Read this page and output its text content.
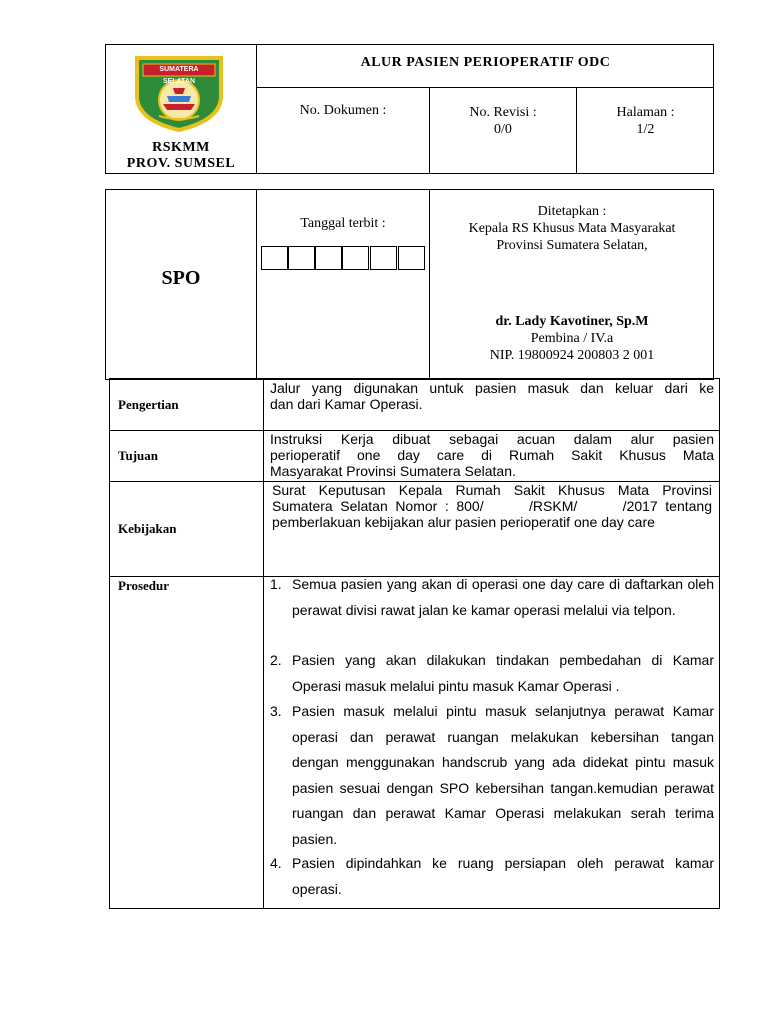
SUMATERA SELATAN
RSKMM
PROV. SUMSEL
ALUR PASIEN PERIOPERATIF ODC
No. Dokumen :	No. Revisi :
0/0
Halaman :
1/2
SPO
Tanggal terbit :
Ditetapkan :
Kepala RS Khusus Mata Masyarakat
Provinsi Sumatera Selatan,
dr. Lady Kavotiner, Sp.M
Pembina / IV.a
NIP. 19800924 200803 2 001
Pengertian
Jalur yang digunakan untuk pasien masuk dan keluar dari ke
dan dari Kamar Operasi.
Tujuan
Instruksi Kerja dibuat sebagai acuan dalam alur pasien
perioperatif one day care di Rumah Sakit Khusus Mata
Masyarakat Provinsi Sumatera Selatan.
Kebijakan
Surat Keputusan Kepala Rumah Sakit Khusus Mata Provinsi
Sumatera Selatan Nomor : 800/      /RSKM/      /2017 tentang
pemberlakuan kebijakan alur pasien perioperatif one day care
Prosedur	1. Semua pasien yang akan di operasi one day care di daftarkan oleh perawat divisi rawat jalan ke kamar operasi melalui via telpon.
2. Pasien yang akan dilakukan tindakan pembedahan di Kamar Operasi masuk melalui pintu masuk Kamar Operasi .
3. Pasien masuk melalui pintu masuk selanjutnya perawat Kamar operasi dan perawat ruangan melakukan kebersihan tangan dengan menggunakan handscrub yang ada didekat pintu masuk pasien sesuai dengan SPO kebersihan tangan.kemudian perawat ruangan dan perawat Kamar Operasi melakukan serah terima pasien.
4. Pasien dipindahkan ke ruang persiapan oleh perawat kamar operasi.
